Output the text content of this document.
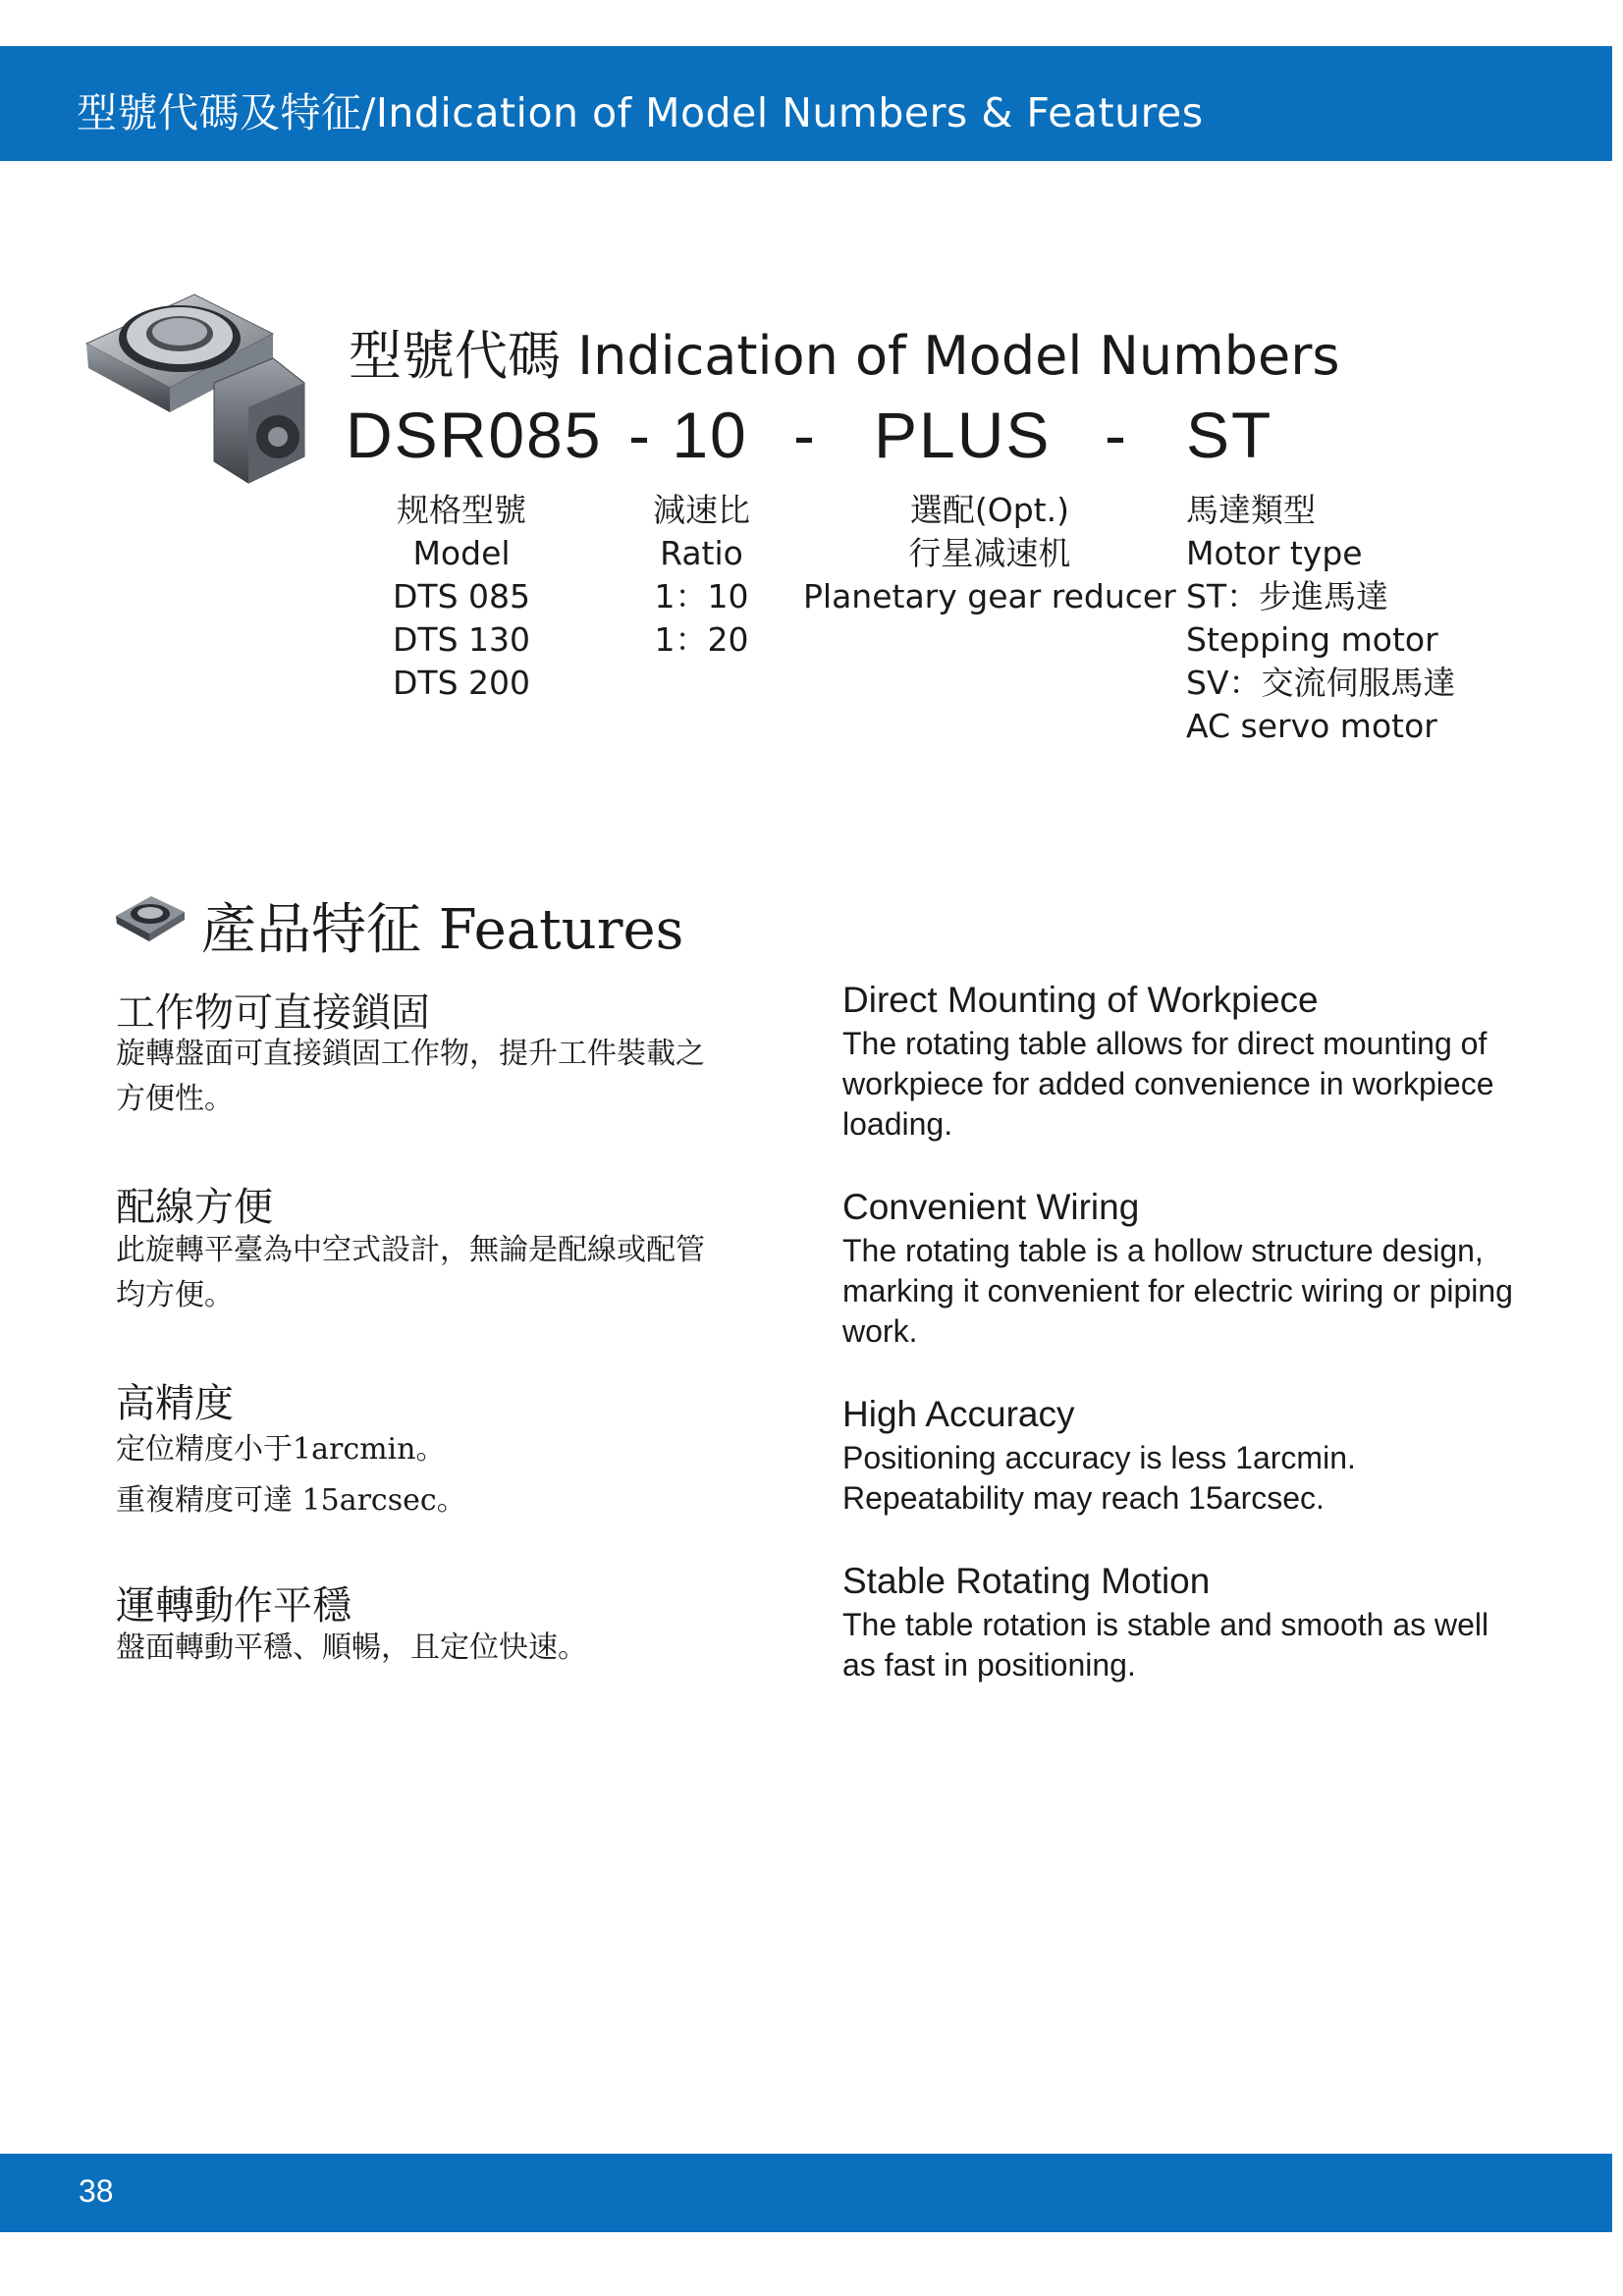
型號代碼及特征/Indication of Model Numbers & Features
型號代碼 Indication of Model Numbers
DSR085 - 10 - PLUS - ST
规格型號
Model
DTS 085
DTS 130
DTS 200
減速比
Ratio
1：10
1：20
選配(Opt.)
行星减速机
Planetary gear reducer
馬達類型
Motor type
ST：步進馬達
Stepping motor
SV：交流伺服馬達
AC servo motor
產品特征 Features
工作物可直接鎖固
旋轉盤面可直接鎖固工作物，提升工件裝載之
方便性。
Direct Mounting of Workpiece
The rotating table allows for direct mounting of
workpiece for added convenience in workpiece
loading.
配線方便
此旋轉平臺為中空式設計，無論是配線或配管
均方便。
Convenient Wiring
The rotating table is a hollow structure design,
marking it convenient for electric wiring or piping
work.
高精度
定位精度小于1arcmin。
重複精度可達 15arcsec。
High Accuracy
Positioning accuracy is less 1arcmin.
Repeatability may reach 15arcsec.
運轉動作平穩
盤面轉動平穩、順暢，且定位快速。
Stable Rotating Motion
The table rotation is stable and smooth as well
as fast in positioning.
38
